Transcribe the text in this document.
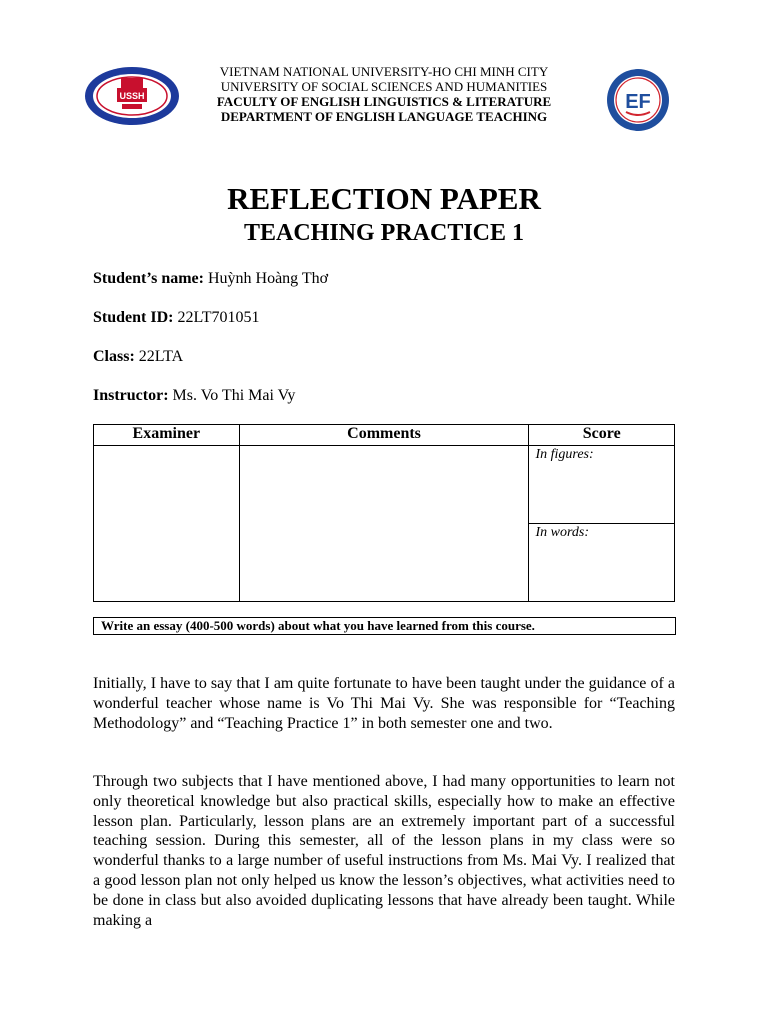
USSH	EF
VIETNAM NATIONAL UNIVERSITY-HO CHI MINH CITY
UNIVERSITY OF SOCIAL SCIENCES AND HUMANITIES
FACULTY OF ENGLISH LINGUISTICS & LITERATURE
DEPARTMENT OF ENGLISH LANGUAGE TEACHING
REFLECTION PAPER
TEACHING PRACTICE 1
Student’s name: Huỳnh Hoàng Thơ
Student ID: 22LT701051
Class: 22LTA
Instructor: Ms. Vo Thi Mai Vy
Examiner	Comments	Score
		In figures:
		In words:
Write an essay (400-500 words) about what you have learned from this course.

Initially, I have to say that I am quite fortunate to have been taught under the guidance of a wonderful teacher whose name is Vo Thi Mai Vy. She was responsible for “Teaching Methodology” and “Teaching Practice 1” in both semester one and two.

Through two subjects that I have mentioned above, I had many opportunities to learn not only theoretical knowledge but also practical skills, especially how to make an effective lesson plan. Particularly, lesson plans are an extremely important part of a successful teaching session. During this semester, all of the lesson plans in my class were so wonderful thanks to a large number of useful instructions from Ms. Mai Vy. I realized that a good lesson plan not only helped us know the lesson’s objectives, what activities need to be done in class but also avoided duplicating lessons that have already been taught. While making a
